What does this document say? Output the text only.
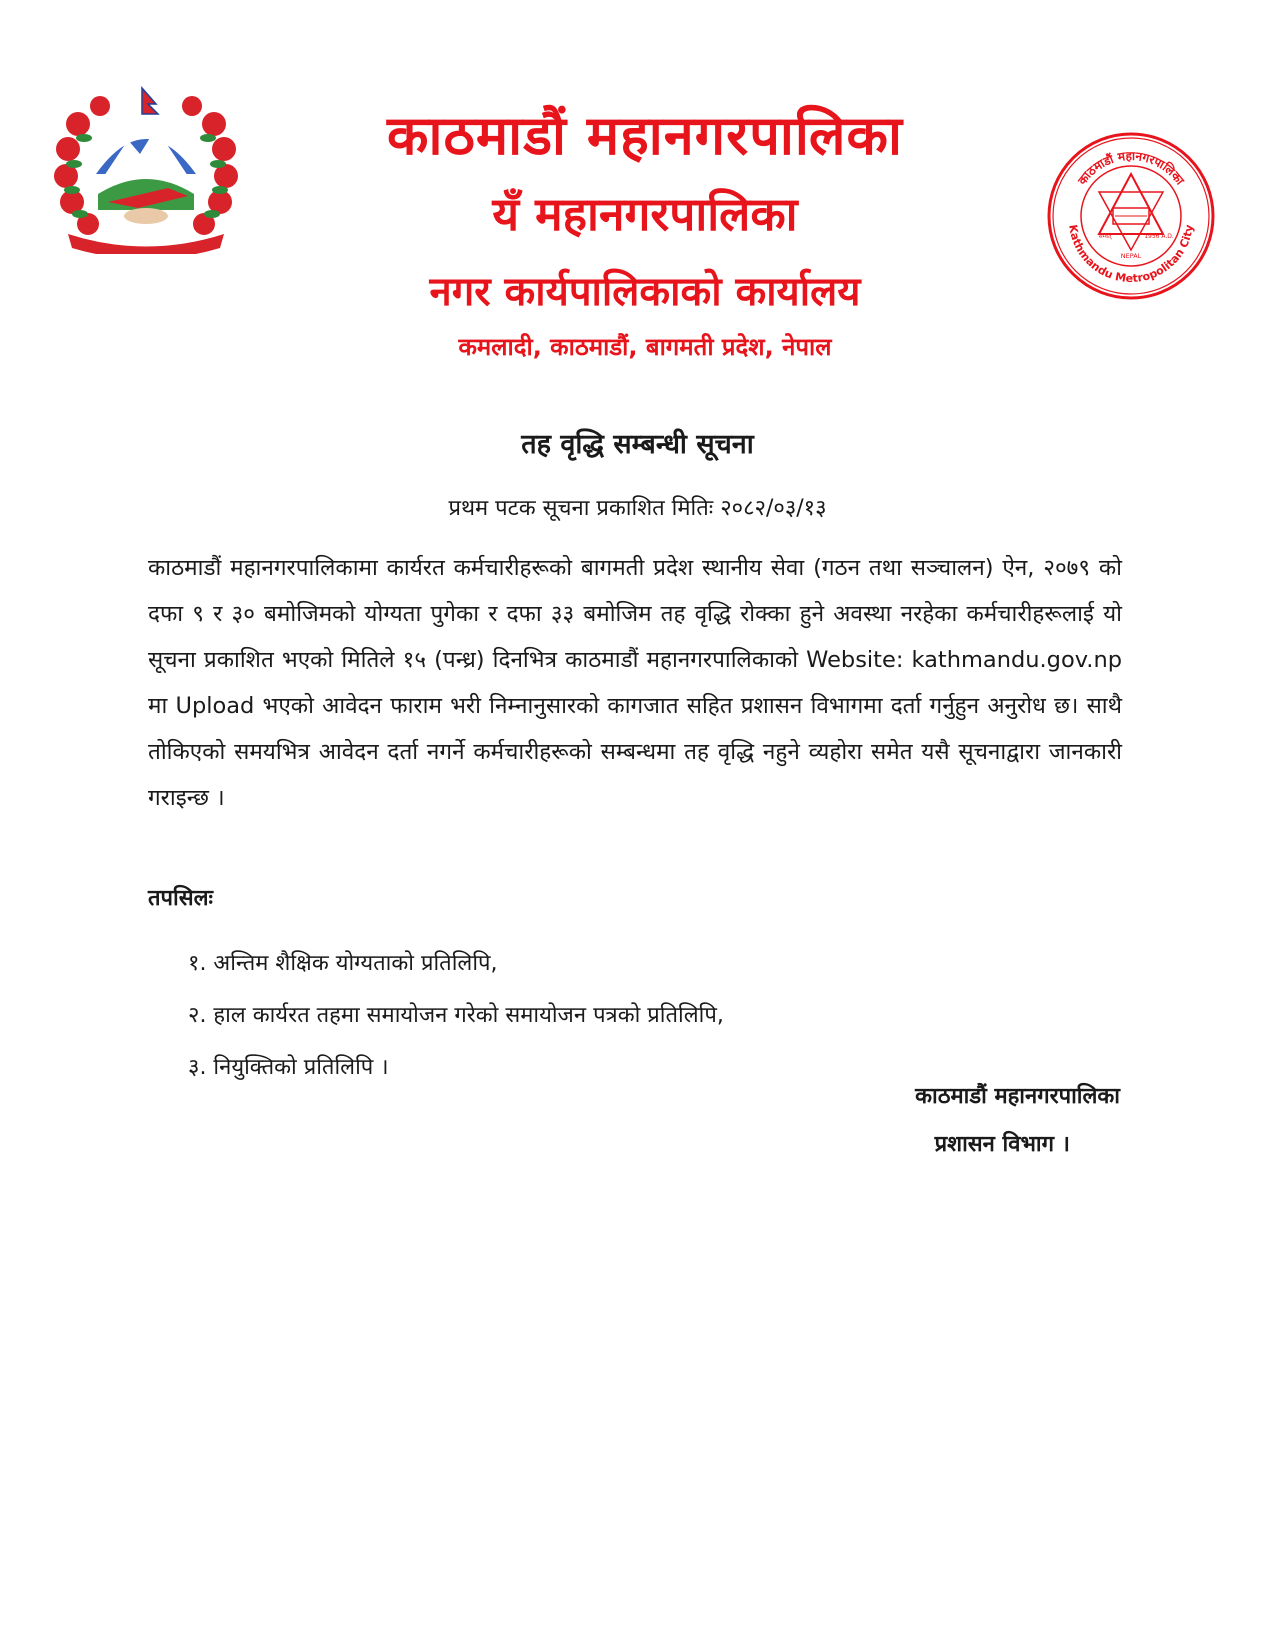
·
काठमाडौं महानगरपालिका
यँ महानगरपालिका
नगर कार्यपालिकाको कार्यालय
कमलादी, काठमाडौं, बागमती प्रदेश, नेपाल
काठमाडौं महानगरपालिका
Kathmandu Metropolitan City
NEPAL
सम्वत्	1956 A.D.
तह वृद्धि सम्बन्धी सूचना
प्रथम पटक सूचना प्रकाशित मितिः २०८२/०३/१३
काठमाडौं महानगरपालिकामा कार्यरत कर्मचारीहरूको बागमती प्रदेश स्थानीय सेवा (गठन तथा सञ्चालन) ऐन, २०७९ को दफा ९ र ३० बमोजिमको योग्यता पुगेका र दफा ३३ बमोजिम तह वृद्धि रोक्का हुने अवस्था नरहेका कर्मचारीहरूलाई यो सूचना प्रकाशित भएको मितिले १५ (पन्ध्र) दिनभित्र काठमाडौं महानगरपालिकाको Website: kathmandu.gov.np मा Upload भएको आवेदन फाराम भरी निम्नानुसारको कागजात सहित प्रशासन विभागमा दर्ता गर्नुहुन अनुरोध छ। साथै तोकिएको समयभित्र आवेदन दर्ता नगर्ने कर्मचारीहरूको सम्बन्धमा तह वृद्धि नहुने व्यहोरा समेत यसै सूचनाद्वारा जानकारी गराइन्छ ।
तपसिलः
१. अन्तिम शैक्षिक योग्यताको प्रतिलिपि,
२. हाल कार्यरत तहमा समायोजन गरेको समायोजन पत्रको प्रतिलिपि,
३. नियुक्तिको प्रतिलिपि ।
काठमाडौं महानगरपालिका
प्रशासन विभाग ।
